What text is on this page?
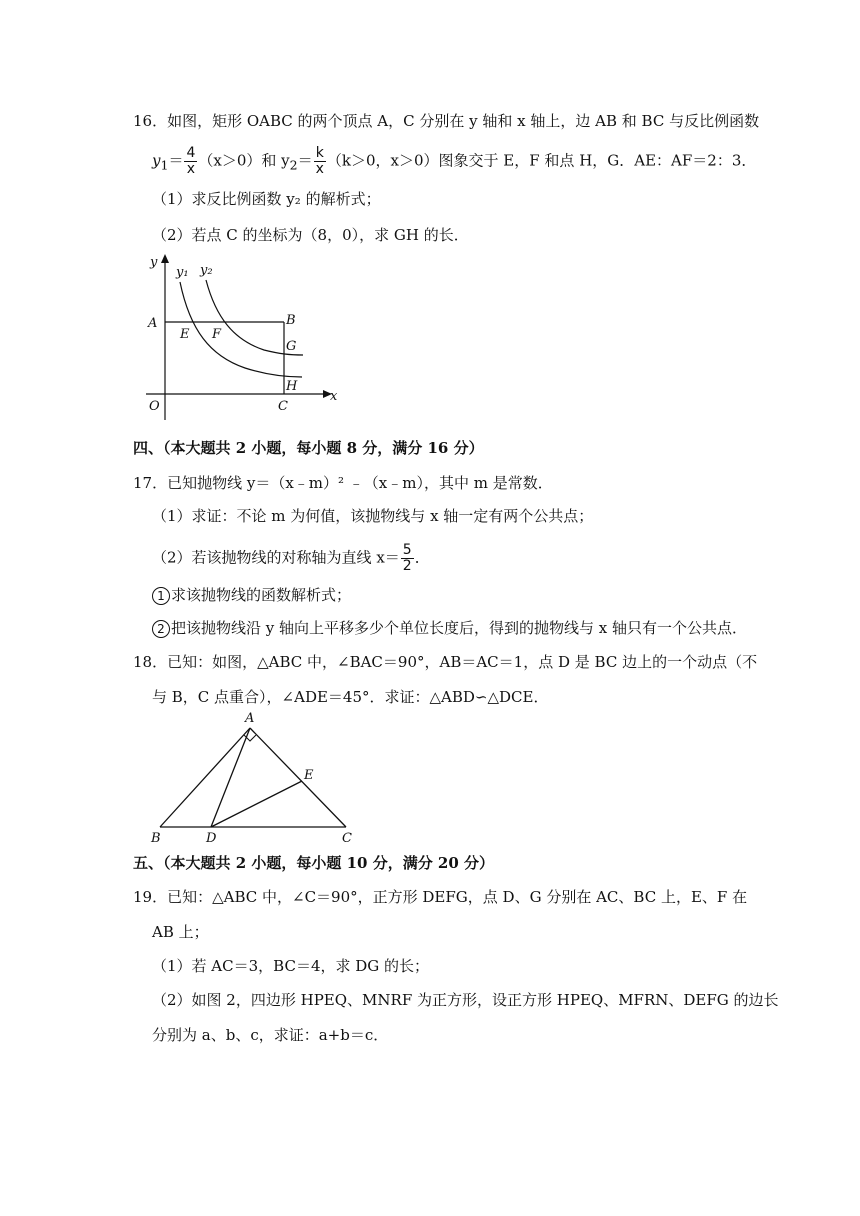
16．如图，矩形 OABC 的两个顶点 A，C 分别在 y 轴和 x 轴上，边 AB 和 BC 与反比例函数
$y_1= \frac{4}{x} (x>0)$和 $y_2= \frac{k}{x} (k>0$，x＞0）图象交于 E，F 和点 H，G．AE：AF＝2：3．
（1）求反比例函数 y₂ 的解析式；
（2）若点 C 的坐标为（8，0），求 GH 的长．
y
y₁ y₂
A	B
E F
G
H
O	C
x
四、（本大题共 2 小题，每小题 8 分，满分 16 分）
17．已知抛物线 y＝（x﹣m）² ﹣（x﹣m），其中 m 是常数．
（1）求证：不论 m 为何值，该抛物线与 x 轴一定有两个公共点；
（2）若该抛物线的对称轴为直线 $x= \frac{5}{2}$ ．
1 求该抛物线的函数解析式；
2 把该抛物线沿 y 轴向上平移多少个单位长度后，得到的抛物线与 x 轴只有一个公共点．
18．已知：如图，△ABC 中，∠BAC＝90°，AB＝AC＝1，点 D 是 BC 边上的一个动点（不
与 B，C 点重合），∠ADE＝45°．求证：△ABD∽△DCE．
A
B	D	C
E
五、（本大题共 2 小题，每小题 10 分，满分 20 分）
19．已知：△ABC 中，∠C＝90°，正方形 DEFG，点 D、G 分别在 AC、BC 上，E、F 在
AB 上；
（1）若 AC＝3，BC＝4，求 DG 的长；
（2）如图 2，四边形 HPEQ、MNRF 为正方形，设正方形 HPEQ、MFRN、DEFG 的边长
分别为 a、b、c，求证：a+b＝c．
